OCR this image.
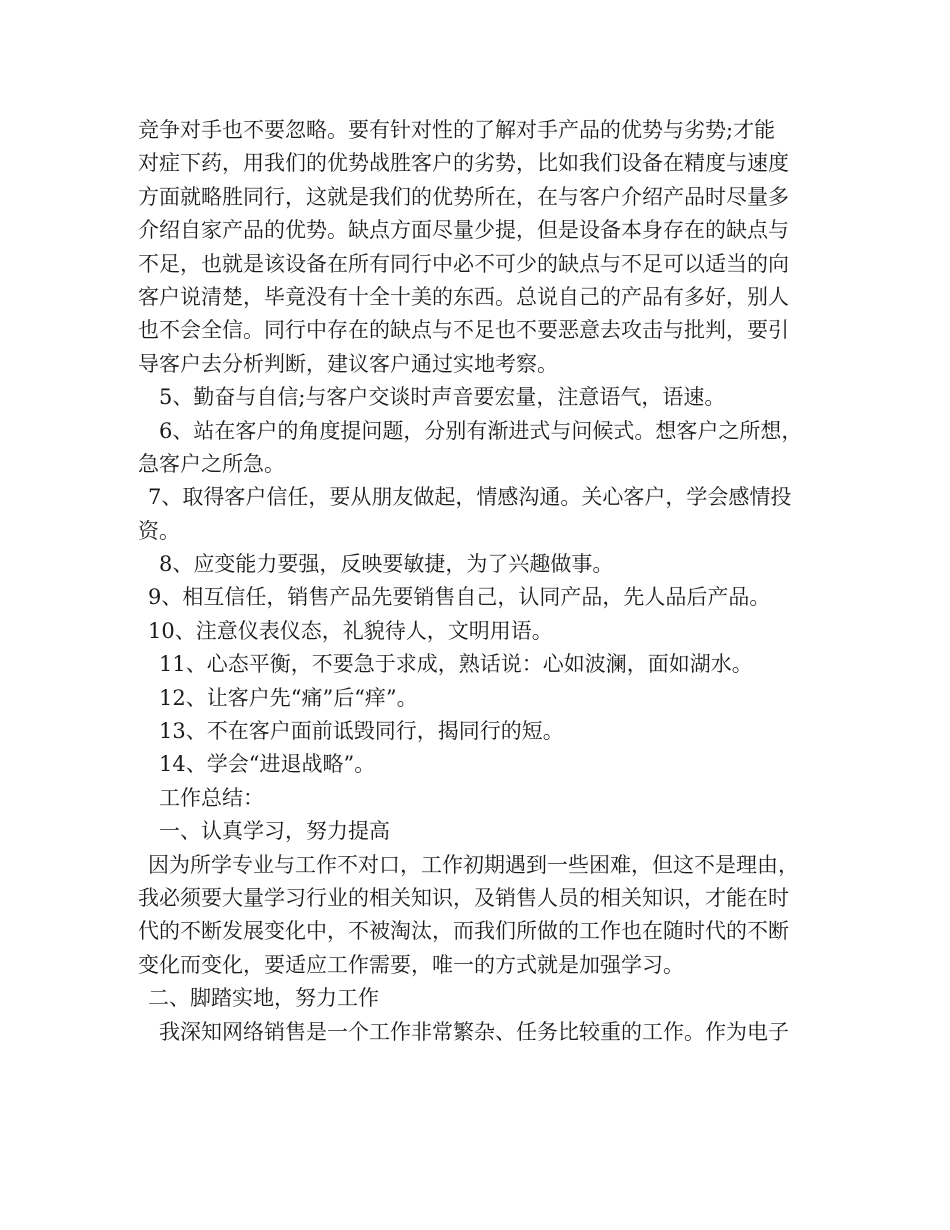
竞争对手也不要忽略。要有针对性的了解对手产品的优势与劣势;才能
对症下药，用我们的优势战胜客户的劣势，比如我们设备在精度与速度
方面就略胜同行，这就是我们的优势所在，在与客户介绍产品时尽量多
介绍自家产品的优势。缺点方面尽量少提，但是设备本身存在的缺点与
不足，也就是该设备在所有同行中必不可少的缺点与不足可以适当的向
客户说清楚，毕竟没有十全十美的东西。总说自己的产品有多好，别人
也不会全信。同行中存在的缺点与不足也不要恶意去攻击与批判，要引
导客户去分析判断，建议客户通过实地考察。
5、勤奋与自信;与客户交谈时声音要宏量，注意语气，语速。
6、站在客户的角度提问题，分别有渐进式与问候式。想客户之所想，
急客户之所急。
7、取得客户信任，要从朋友做起，情感沟通。关心客户，学会感情投
资。
8、应变能力要强，反映要敏捷，为了兴趣做事。
9、相互信任，销售产品先要销售自己，认同产品，先人品后产品。
10、注意仪表仪态，礼貌待人，文明用语。
11、心态平衡，不要急于求成，熟话说：心如波澜，面如湖水。
12、让客户先“痛”后“痒”。
13、不在客户面前诋毁同行，揭同行的短。
14、学会“进退战略”。
工作总结：
一、认真学习，努力提高
因为所学专业与工作不对口，工作初期遇到一些困难，但这不是理由，
我必须要大量学习行业的相关知识，及销售人员的相关知识，才能在时
代的不断发展变化中，不被淘汰，而我们所做的工作也在随时代的不断
变化而变化，要适应工作需要，唯一的方式就是加强学习。
二、脚踏实地，努力工作
我深知网络销售是一个工作非常繁杂、任务比较重的工作。作为电子
